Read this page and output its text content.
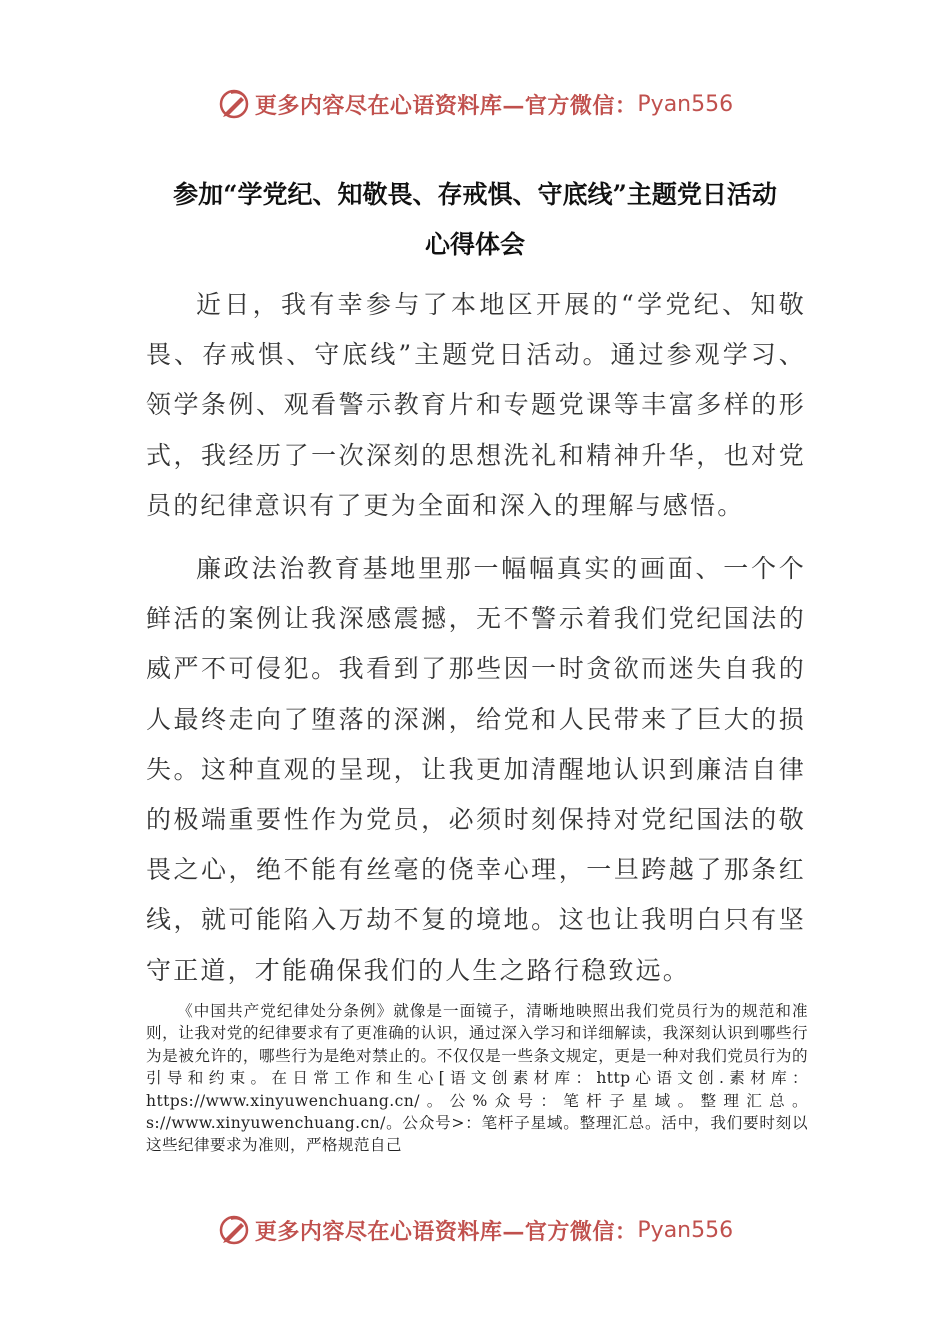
更多内容尽在心语资料库—官方微信： Pyan556
参加“学党纪、知敬畏、存戒惧、守底线”主题党日活动
心得体会

近日，我有幸参与了本地区开展的“学党纪、知敬畏、存戒惧、守底线”主题党日活动。通过参观学习、领学条例、观看警示教育片和专题党课等丰富多样的形式，我经历了一次深刻的思想洗礼和精神升华，也对党员的纪律意识有了更为全面和深入的理解与感悟。

廉政法治教育基地里那一幅幅真实的画面、一个个鲜活的案例让我深感震撼，无不警示着我们党纪国法的威严不可侵犯。我看到了那些因一时贪欲而迷失自我的人最终走向了堕落的深渊，给党和人民带来了巨大的损失。这种直观的呈现，让我更加清醒地认识到廉洁自律的极端重要性作为党员，必须时刻保持对党纪国法的敬畏之心，绝不能有丝毫的侥幸心理，一旦跨越了那条红线，就可能陷入万劫不复的境地。这也让我明白只有坚守正道，才能确保我们的人生之路行稳致远。

《中国共产党纪律处分条例》就像是一面镜子，清晰地映照出我们党员行为的规范和准则，让我对党的纪律要求有了更准确的认识，通过深入学习和详细解读，我深刻认识到哪些行为是被允许的，哪些行为是绝对禁止的。不仅仅是一些条文规定，更是一种对我们党员行为的引导和约束。在日常工作和生心[语文创素材库：http心语文创.素材库：https://www.xinyuwenchuang.cn/。公%众号：笔杆子星域。整理汇总。s://www.xinyuwenchuang.cn/。公众号>：笔杆子星域。整理汇总。活中，我们要时刻以这些纪律要求为准则，严格规范自己

更多内容尽在心语资料库—官方微信： Pyan556
